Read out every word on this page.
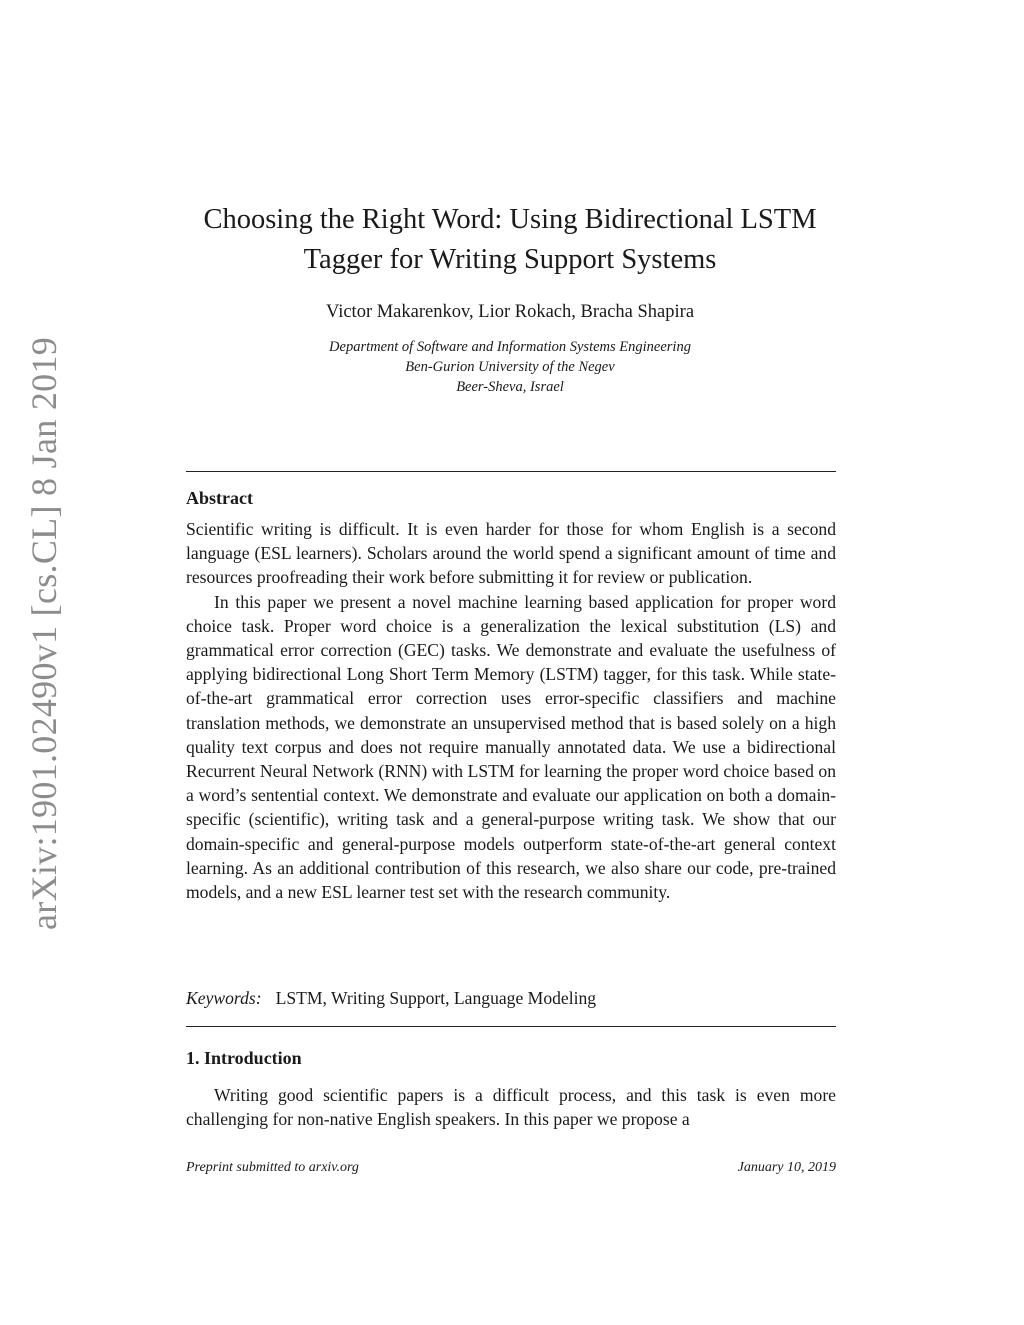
arXiv:1901.02490v1 [cs.CL] 8 Jan 2019
Choosing the Right Word: Using Bidirectional LSTM
Tagger for Writing Support Systems
Victor Makarenkov, Lior Rokach, Bracha Shapira
Department of Software and Information Systems Engineering
Ben-Gurion University of the Negev
Beer-Sheva, Israel
Abstract

Scientific writing is difficult. It is even harder for those for whom English is a second language (ESL learners). Scholars around the world spend a significant amount of time and resources proofreading their work before submitting it for review or publication.

In this paper we present a novel machine learning based application for proper word choice task. Proper word choice is a generalization the lexical substitution (LS) and grammatical error correction (GEC) tasks. We demonstrate and evaluate the usefulness of applying bidirectional Long Short Term Memory (LSTM) tagger, for this task. While state-of-the-art grammatical error correction uses error-specific classifiers and machine translation methods, we demonstrate an unsupervised method that is based solely on a high quality text corpus and does not require manually annotated data. We use a bidirectional Recurrent Neural Network (RNN) with LSTM for learning the proper word choice based on a word’s sentential context. We demonstrate and evaluate our application on both a domain-specific (scientific), writing task and a general-purpose writing task. We show that our domain-specific and general-purpose models outperform state-of-the-art general context learning. As an additional contribution of this research, we also share our code, pre-trained models, and a new ESL learner test set with the research community.

Keywords: LSTM, Writing Support, Language Modeling
1. Introduction

Writing good scientific papers is a difficult process, and this task is even more challenging for non-native English speakers. In this paper we propose a

Preprint submitted to arxiv.org	January 10, 2019
